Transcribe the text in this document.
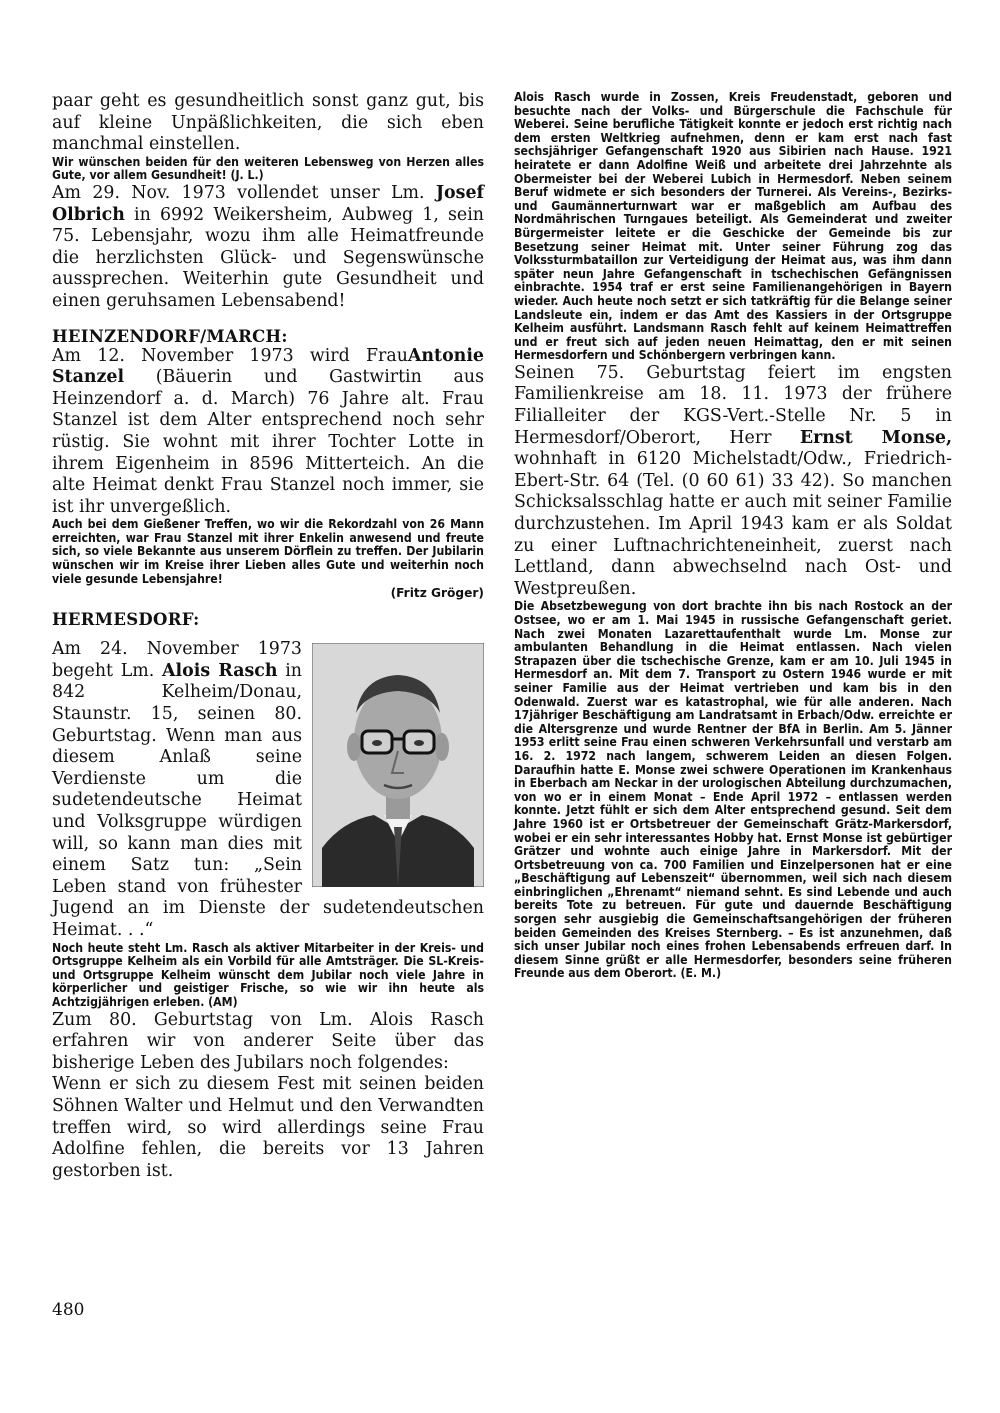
paar geht es gesundheitlich sonst ganz gut, bis auf kleine Unpäßlichkeiten, die sich eben manchmal einstellen.

Wir wünschen beiden für den weiteren Lebensweg von Herzen alles Gute, vor allem Gesundheit! (J. L.)

Am 29. Nov. 1973 vollendet unser Lm. Josef Olbrich in 6992 Weikersheim, Aubweg 1, sein 75. Lebensjahr, wozu ihm alle Heimatfreunde die herzlichsten Glück- und Segenswünsche aussprechen. Weiterhin gute Gesundheit und einen geruhsamen Lebensabend!

HEINZENDORF/MARCH:

Am 12. November 1973 wird FrauAntonie Stanzel (Bäuerin und Gastwirtin aus Heinzendorf a. d. March) 76 Jahre alt. Frau Stanzel ist dem Alter entsprechend noch sehr rüstig. Sie wohnt mit ihrer Tochter Lotte in ihrem Eigenheim in 8596 Mitterteich. An die alte Heimat denkt Frau Stanzel noch immer, sie ist ihr unvergeßlich.

Auch bei dem Gießener Treffen, wo wir die Rekordzahl von 26 Mann erreichten, war Frau Stanzel mit ihrer Enkelin anwesend und freute sich, so viele Bekannte aus unserem Dörflein zu treffen. Der Jubilarin wünschen wir im Kreise ihrer Lieben alles Gute und weiterhin noch viele gesunde Lebensjahre!

(Fritz Gröger)

HERMESDORF:

Am 24. November 1973 begeht Lm. Alois Rasch in 842 Kelheim/Donau, Staunstr. 15, seinen 80. Geburtstag. Wenn man aus diesem Anlaß seine Verdienste um die sudetendeutsche Heimat und Volksgruppe würdigen will, so kann man dies mit einem Satz tun: „Sein Leben stand von frühester Jugend an im Dienste der sudetendeutschen Heimat. . .“

Noch heute steht Lm. Rasch als aktiver Mitarbeiter in der Kreis- und Ortsgruppe Kelheim als ein Vorbild für alle Amtsträger. Die SL-Kreis- und Ortsgruppe Kelheim wünscht dem Jubilar noch viele Jahre in körperlicher und geistiger Frische, so wie wir ihn heute als Achtzigjährigen erleben. (AM)

Zum 80. Geburtstag von Lm. Alois Rasch erfahren wir von anderer Seite über das bisherige Leben des Jubilars noch folgendes:

Wenn er sich zu diesem Fest mit seinen beiden Söhnen Walter und Helmut und den Verwandten treffen wird, so wird allerdings seine Frau Adolfine fehlen, die bereits vor 13 Jahren gestorben ist.

Alois Rasch wurde in Zossen, Kreis Freudenstadt, geboren und besuchte nach der Volks- und Bürgerschule die Fachschule für Weberei. Seine berufliche Tätigkeit konnte er jedoch erst richtig nach dem ersten Weltkrieg aufnehmen, denn er kam erst nach fast sechsjähriger Gefangenschaft 1920 aus Sibirien nach Hause. 1921 heiratete er dann Adolfine Weiß und arbeitete drei Jahrzehnte als Obermeister bei der Weberei Lubich in Hermesdorf. Neben seinem Beruf widmete er sich besonders der Turnerei. Als Vereins-, Bezirks- und Gaumännerturnwart war er maßgeblich am Aufbau des Nordmährischen Turngaues beteiligt. Als Gemeinderat und zweiter Bürgermeister leitete er die Geschicke der Gemeinde bis zur Besetzung seiner Heimat mit. Unter seiner Führung zog das Volkssturmbataillon zur Verteidigung der Heimat aus, was ihm dann später neun Jahre Gefangenschaft in tschechischen Gefängnissen einbrachte. 1954 traf er erst seine Familienangehörigen in Bayern wieder. Auch heute noch setzt er sich tatkräftig für die Belange seiner Landsleute ein, indem er das Amt des Kassiers in der Ortsgruppe Kelheim ausführt. Landsmann Rasch fehlt auf keinem Heimattreffen und er freut sich auf jeden neuen Heimattag, den er mit seinen Hermesdorfern und Schönbergern verbringen kann.

Seinen 75. Geburtstag feiert im engsten Familienkreise am 18. 11. 1973 der frühere Filialleiter der KGS-Vert.-Stelle Nr. 5 in Hermesdorf/Oberort, Herr Ernst Monse, wohnhaft in 6120 Michelstadt/Odw., Friedrich-Ebert-Str. 64 (Tel. (0 60 61) 33 42). So manchen Schicksalsschlag hatte er auch mit seiner Familie durchzustehen. Im April 1943 kam er als Soldat zu einer Luftnachrichteneinheit, zuerst nach Lettland, dann abwechselnd nach Ost- und Westpreußen.

Die Absetzbewegung von dort brachte ihn bis nach Rostock an der Ostsee, wo er am 1. Mai 1945 in russische Gefangenschaft geriet. Nach zwei Monaten Lazarettaufenthalt wurde Lm. Monse zur ambulanten Behandlung in die Heimat entlassen. Nach vielen Strapazen über die tschechische Grenze, kam er am 10. Juli 1945 in Hermesdorf an. Mit dem 7. Transport zu Ostern 1946 wurde er mit seiner Familie aus der Heimat vertrieben und kam bis in den Odenwald. Zuerst war es katastrophal, wie für alle anderen. Nach 17jähriger Beschäftigung am Landratsamt in Erbach/Odw. erreichte er die Altersgrenze und wurde Rentner der BfA in Berlin. Am 5. Jänner 1953 erlitt seine Frau einen schweren Verkehrsunfall und verstarb am 16. 2. 1972 nach langem, schwerem Leiden an diesen Folgen. Daraufhin hatte E. Monse zwei schwere Operationen im Krankenhaus in Eberbach am Neckar in der urologischen Abteilung durchzumachen, von wo er in einem Monat – Ende April 1972 – entlassen werden konnte. Jetzt fühlt er sich dem Alter entsprechend gesund. Seit dem Jahre 1960 ist er Ortsbetreuer der Gemeinschaft Grätz-Markersdorf, wobei er ein sehr interessantes Hobby hat. Ernst Monse ist gebürtiger Grätzer und wohnte auch einige Jahre in Markersdorf. Mit der Ortsbetreuung von ca. 700 Familien und Einzelpersonen hat er eine „Beschäftigung auf Lebenszeit“ übernommen, weil sich nach diesem einbringlichen „Ehrenamt“ niemand sehnt. Es sind Lebende und auch bereits Tote zu betreuen. Für gute und dauernde Beschäftigung sorgen sehr ausgiebig die Gemeinschaftsangehörigen der früheren beiden Gemeinden des Kreises Sternberg. – Es ist anzunehmen, daß sich unser Jubilar noch eines frohen Lebensabends erfreuen darf. In diesem Sinne grüßt er alle Hermesdorfer, besonders seine früheren Freunde aus dem Oberort. (E. M.)

480
